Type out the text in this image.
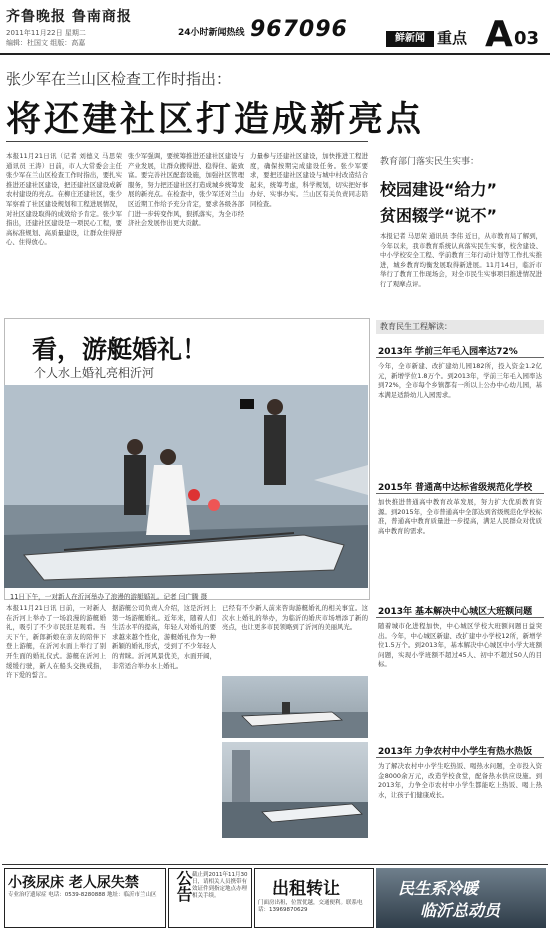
齐鲁晚报 鲁南商报
2011年11月22日 星期二
编辑：杜国文 组版：高嘉
24小时新闻热线 967096	鲜新闻 重点 A 03
张少军在兰山区检查工作时指出：
将还建社区打造成新亮点

本报11月21日讯（记者 刘德义 马思荣 通讯员 王涛）日前，市人大常委会主任张少军在兰山区检查工作时指出，要扎实推进还建社区建设，把还建社区建设成新农村建设的亮点。在柳庄还建社区，张少军察看了社区建设规划和工程进展情况，对社区建设取得的成效给予肯定。张少军指出，还建社区建设是一项民心工程，要高标准规划、高质量建设，让群众住得舒心、住得放心。

张少军强调，要统筹推进还建社区建设与产业发展，让群众搬得进、稳得住、能致富。要完善社区配套设施，加强社区管理服务，努力把还建社区打造成城乡统筹发展的新亮点。在检查中，张少军还对兰山区近期工作给予充分肯定，要求各级各部门进一步转变作风，狠抓落实，为全市经济社会发展作出更大贡献。

力量参与还建社区建设，加快推进工程进度，确保按期完成建设任务。张少军要求，要把还建社区建设与城中村改造结合起来，统筹考虑，科学规划，切实把好事办好、实事办实。兰山区有关负责同志陪同检查。

教育部门落实民生实事：
校园建设“给力”
贫困辍学“说不”

本报记者 马思荣 通讯员 李伟 近日，从市教育局了解到，今年以来，我市教育系统认真落实民生实事，校舍建设、中小学校安全工程、学前教育三年行动计划等工作扎实推进，城乡教育均衡发展取得新进展。11月14日，临沂市举行了教育工作现场会，对全市民生实事项目推进情况进行了观摩点评。

教育民生工程解读：
2013年 学前三年毛入园率达72%

今年，全市新建、改扩建幼儿园182所，投入资金1.2亿元，新增学位1.8万个。到2013年，学前三年毛入园率达到72%，全市每个乡镇都有一所以上公办中心幼儿园，基本满足适龄幼儿入园需求。

2015年 普通高中达标省级规范化学校

加快推进普通高中教育改革发展，努力扩大优质教育资源。到2015年，全市普通高中全部达到省级规范化学校标准，普通高中教育质量进一步提高，满足人民群众对优质高中教育的需求。

2013年 基本解决中心城区大班额问题

随着城市化进程加快，中心城区学校大班额问题日益突出。今年，中心城区新建、改扩建中小学校12所，新增学位1.5万个。到2013年，基本解决中心城区中小学大班额问题，实现小学班额不超过45人、初中不超过50人的目标。

2013年 力争农村中小学生有热水热饭

为了解决农村中小学生吃热饭、喝热水问题，全市投入资金8000余万元，改造学校食堂，配备热水供应设施。到2013年，力争全市农村中小学生都能吃上热饭、喝上热水，让孩子们健康成长。

看，游艇婚礼！
个人水上婚礼亮相沂河
11日下午，一对新人在沂河举办了浪漫的游艇婚礼。记者 闫广腾 摄

本报11月21日讯 日前，一对新人在沂河上举办了一场浪漫的游艇婚礼，吸引了不少市民驻足观看。当天下午，新郎新娘在亲友的陪伴下登上游艇，在沂河水面上举行了别开生面的婚礼仪式。游艇在沂河上缓缓行驶，新人在船头交换戒指，许下爱的誓言。

据游艇公司负责人介绍，这是沂河上第一场游艇婚礼。近年来，随着人们生活水平的提高，年轻人对婚礼的要求越来越个性化，游艇婚礼作为一种新颖的婚礼形式，受到了不少年轻人的青睐。沂河风景优美，水面开阔，非常适合举办水上婚礼。

已经有不少新人前来咨询游艇婚礼的相关事宜。这次水上婚礼的举办，为临沂的婚庆市场增添了新的亮点，也让更多市民领略到了沂河的美丽风光。

小孩尿床 老人尿失禁
专业治疗遗尿症 电话：0539-8280888 地址：临沂市兰山区	公告 截止到2011年11月30日，请相关人员携带有效证件到指定地点办理相关手续。	出租转让
门面房出租，位置优越，交通便利。联系电话：13969870629
民生系冷暖
临沂总动员
